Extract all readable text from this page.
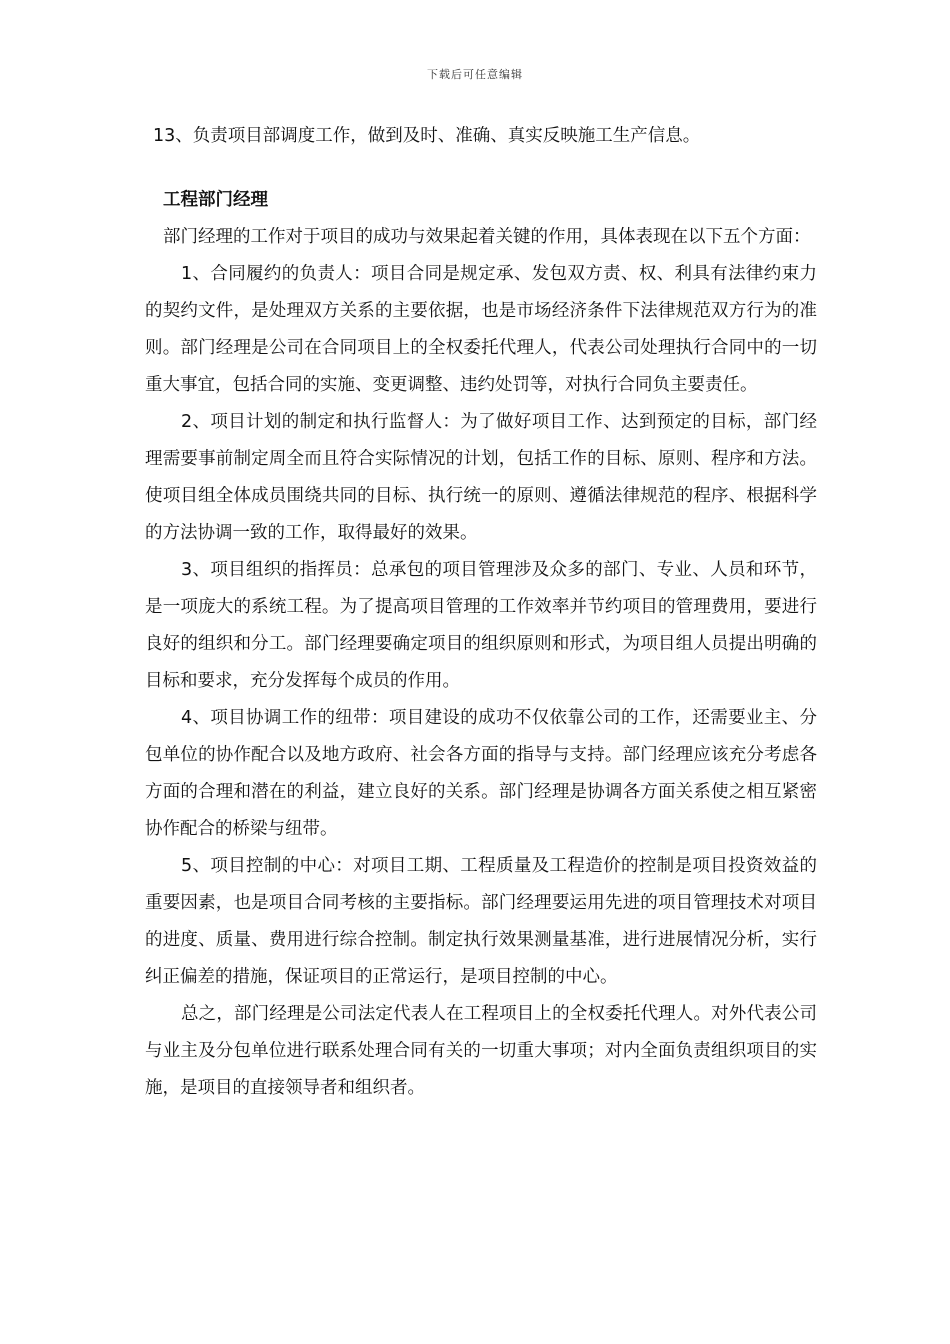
下载后可任意编辑

13、负责项目部调度工作，做到及时、准确、真实反映施工生产信息。

工程部门经理

部门经理的工作对于项目的成功与效果起着关键的作用，具体表现在以下五个方面：

1、合同履约的负责人：项目合同是规定承、发包双方责、权、利具有法律约束力的契约文件，是处理双方关系的主要依据，也是市场经济条件下法律规范双方行为的准则。部门经理是公司在合同项目上的全权委托代理人，代表公司处理执行合同中的一切重大事宜，包括合同的实施、变更调整、违约处罚等，对执行合同负主要责任。

2、项目计划的制定和执行监督人：为了做好项目工作、达到预定的目标，部门经理需要事前制定周全而且符合实际情况的计划，包括工作的目标、原则、程序和方法。使项目组全体成员围绕共同的目标、执行统一的原则、遵循法律规范的程序、根据科学的方法协调一致的工作，取得最好的效果。

3、项目组织的指挥员：总承包的项目管理涉及众多的部门、专业、人员和环节，是一项庞大的系统工程。为了提高项目管理的工作效率并节约项目的管理费用，要进行良好的组织和分工。部门经理要确定项目的组织原则和形式，为项目组人员提出明确的目标和要求，充分发挥每个成员的作用。

4、项目协调工作的纽带：项目建设的成功不仅依靠公司的工作，还需要业主、分包单位的协作配合以及地方政府、社会各方面的指导与支持。部门经理应该充分考虑各方面的合理和潜在的利益，建立良好的关系。部门经理是协调各方面关系使之相互紧密协作配合的桥梁与纽带。

5、项目控制的中心：对项目工期、工程质量及工程造价的控制是项目投资效益的重要因素，也是项目合同考核的主要指标。部门经理要运用先进的项目管理技术对项目的进度、质量、费用进行综合控制。制定执行效果测量基准，进行进展情况分析，实行纠正偏差的措施，保证项目的正常运行，是项目控制的中心。

总之，部门经理是公司法定代表人在工程项目上的全权委托代理人。对外代表公司与业主及分包单位进行联系处理合同有关的一切重大事项；对内全面负责组织项目的实施，是项目的直接领导者和组织者。
